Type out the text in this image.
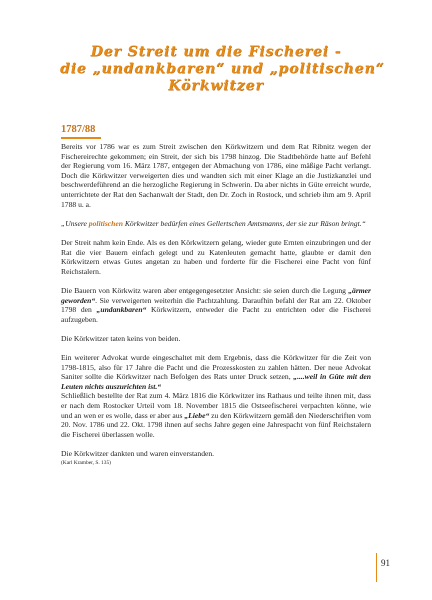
Der Streit um die Fischerei -
die „undankbaren“ und „politischen“
Körkwitzer
1787/88

Bereits vor 1786 war es zum Streit zwischen den Körkwitzern und dem Rat Ribnitz wegen der Fischereirechte gekommen; ein Streit, der sich bis 1798 hinzog. Die Stadtbehörde hatte auf Befehl der Regierung vom 16. März 1787, entgegen der Abmachung von 1786, eine mäßige Pacht verlangt. Doch die Körkwitzer verweigerten dies und wandten sich mit einer Klage an die Justizkanzlei und beschwerdeführend an die herzogliche Regierung in Schwerin. Da aber nichts in Güte erreicht wurde, unterrichtete der Rat den Sachanwalt der Stadt, den Dr. Zoch in Rostock, und schrieb ihm am 9. April 1788 u. a.

„Unsere politischen Körkwitzer bedürfen eines Gellertschen Amtsmanns, der sie zur Räson bringt.“

Der Streit nahm kein Ende. Als es den Körkwitzern gelang, wieder gute Ernten einzubringen und der Rat die vier Bauern einfach gelegt und zu Katenleuten gemacht hatte, glaubte er damit den Körkwitzern etwas Gutes angetan zu haben und forderte für die Fischerei eine Pacht von fünf Reichstalern.

Die Bauern von Körkwitz waren aber entgegengesetzter Ansicht: sie seien durch die Legung „ärmer geworden“. Sie verweigerten weiterhin die Pachtzahlung. Daraufhin befahl der Rat am 22. Oktober 1798 den „undankbaren“ Körkwitzern, entweder die Pacht zu entrichten oder die Fischerei aufzugeben.

Die Körkwitzer taten keins von beiden.

Ein weiterer Advokat wurde eingeschaltet mit dem Ergebnis, dass die Körkwitzer für die Zeit von 1798-1815, also für 17 Jahre die Pacht und die Prozesskosten zu zahlen hätten. Der neue Advokat Saniter sollte die Körkwitzer nach Befolgen des Rats unter Druck setzen, „....weil in Güte mit den Leuten nichts auszurichten ist.“

Schließlich bestellte der Rat zum 4. März 1816 die Körkwitzer ins Rathaus und teilte ihnen mit, dass er nach dem Rostocker Urteil vom 18. November 1815 die Ostseefischerei verpachten könne, wie und an wen er es wolle, dass er aber aus „Liebe“ zu den Körkwitzern gemäß den Niederschriften vom 20. Nov. 1786 und 22. Okt. 1798 ihnen auf sechs Jahre gegen eine Jahrespacht von fünf Reichstalern die Fischerei überlassen wolle.

Die Körkwitzer dankten und waren einverstanden.

(Karl Kramber, S. 135)

91
